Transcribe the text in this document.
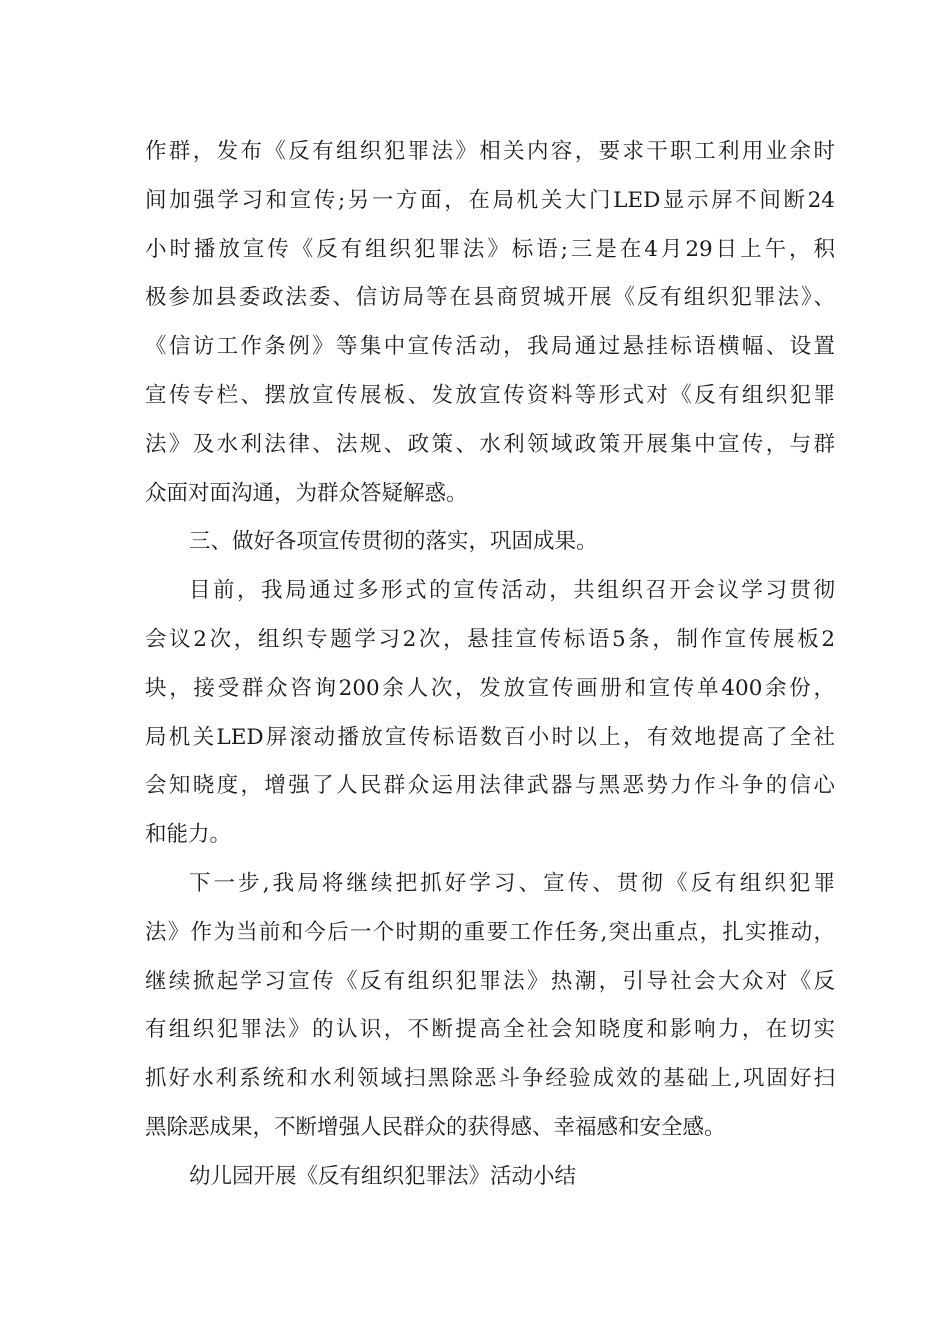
作群，发布《反有组织犯罪法》相关内容，要求干职工利用业余时
间加强学习和宣传;另一方面，在局机关大门LED显示屏不间断24
小时播放宣传《反有组织犯罪法》标语;三是在4月29日上午，积
极参加县委政法委、信访局等在县商贸城开展《反有组织犯罪法》、
《信访工作条例》等集中宣传活动，我局通过悬挂标语横幅、设置
宣传专栏、摆放宣传展板、发放宣传资料等形式对《反有组织犯罪
法》及水利法律、法规、政策、水利领域政策开展集中宣传，与群
众面对面沟通，为群众答疑解惑。
三、做好各项宣传贯彻的落实，巩固成果。
目前，我局通过多形式的宣传活动，共组织召开会议学习贯彻
会议2次，组织专题学习2次，悬挂宣传标语5条，制作宣传展板2
块，接受群众咨询200余人次，发放宣传画册和宣传单400余份，
局机关LED屏滚动播放宣传标语数百小时以上，有效地提高了全社
会知晓度，增强了人民群众运用法律武器与黑恶势力作斗争的信心
和能力。
下一步,我局将继续把抓好学习、宣传、贯彻《反有组织犯罪
法》作为当前和今后一个时期的重要工作任务,突出重点，扎实推动，
继续掀起学习宣传《反有组织犯罪法》热潮，引导社会大众对《反
有组织犯罪法》的认识，不断提高全社会知晓度和影响力，在切实
抓好水利系统和水利领域扫黑除恶斗争经验成效的基础上,巩固好扫
黑除恶成果，不断增强人民群众的获得感、幸福感和安全感。
幼儿园开展《反有组织犯罪法》活动小结
